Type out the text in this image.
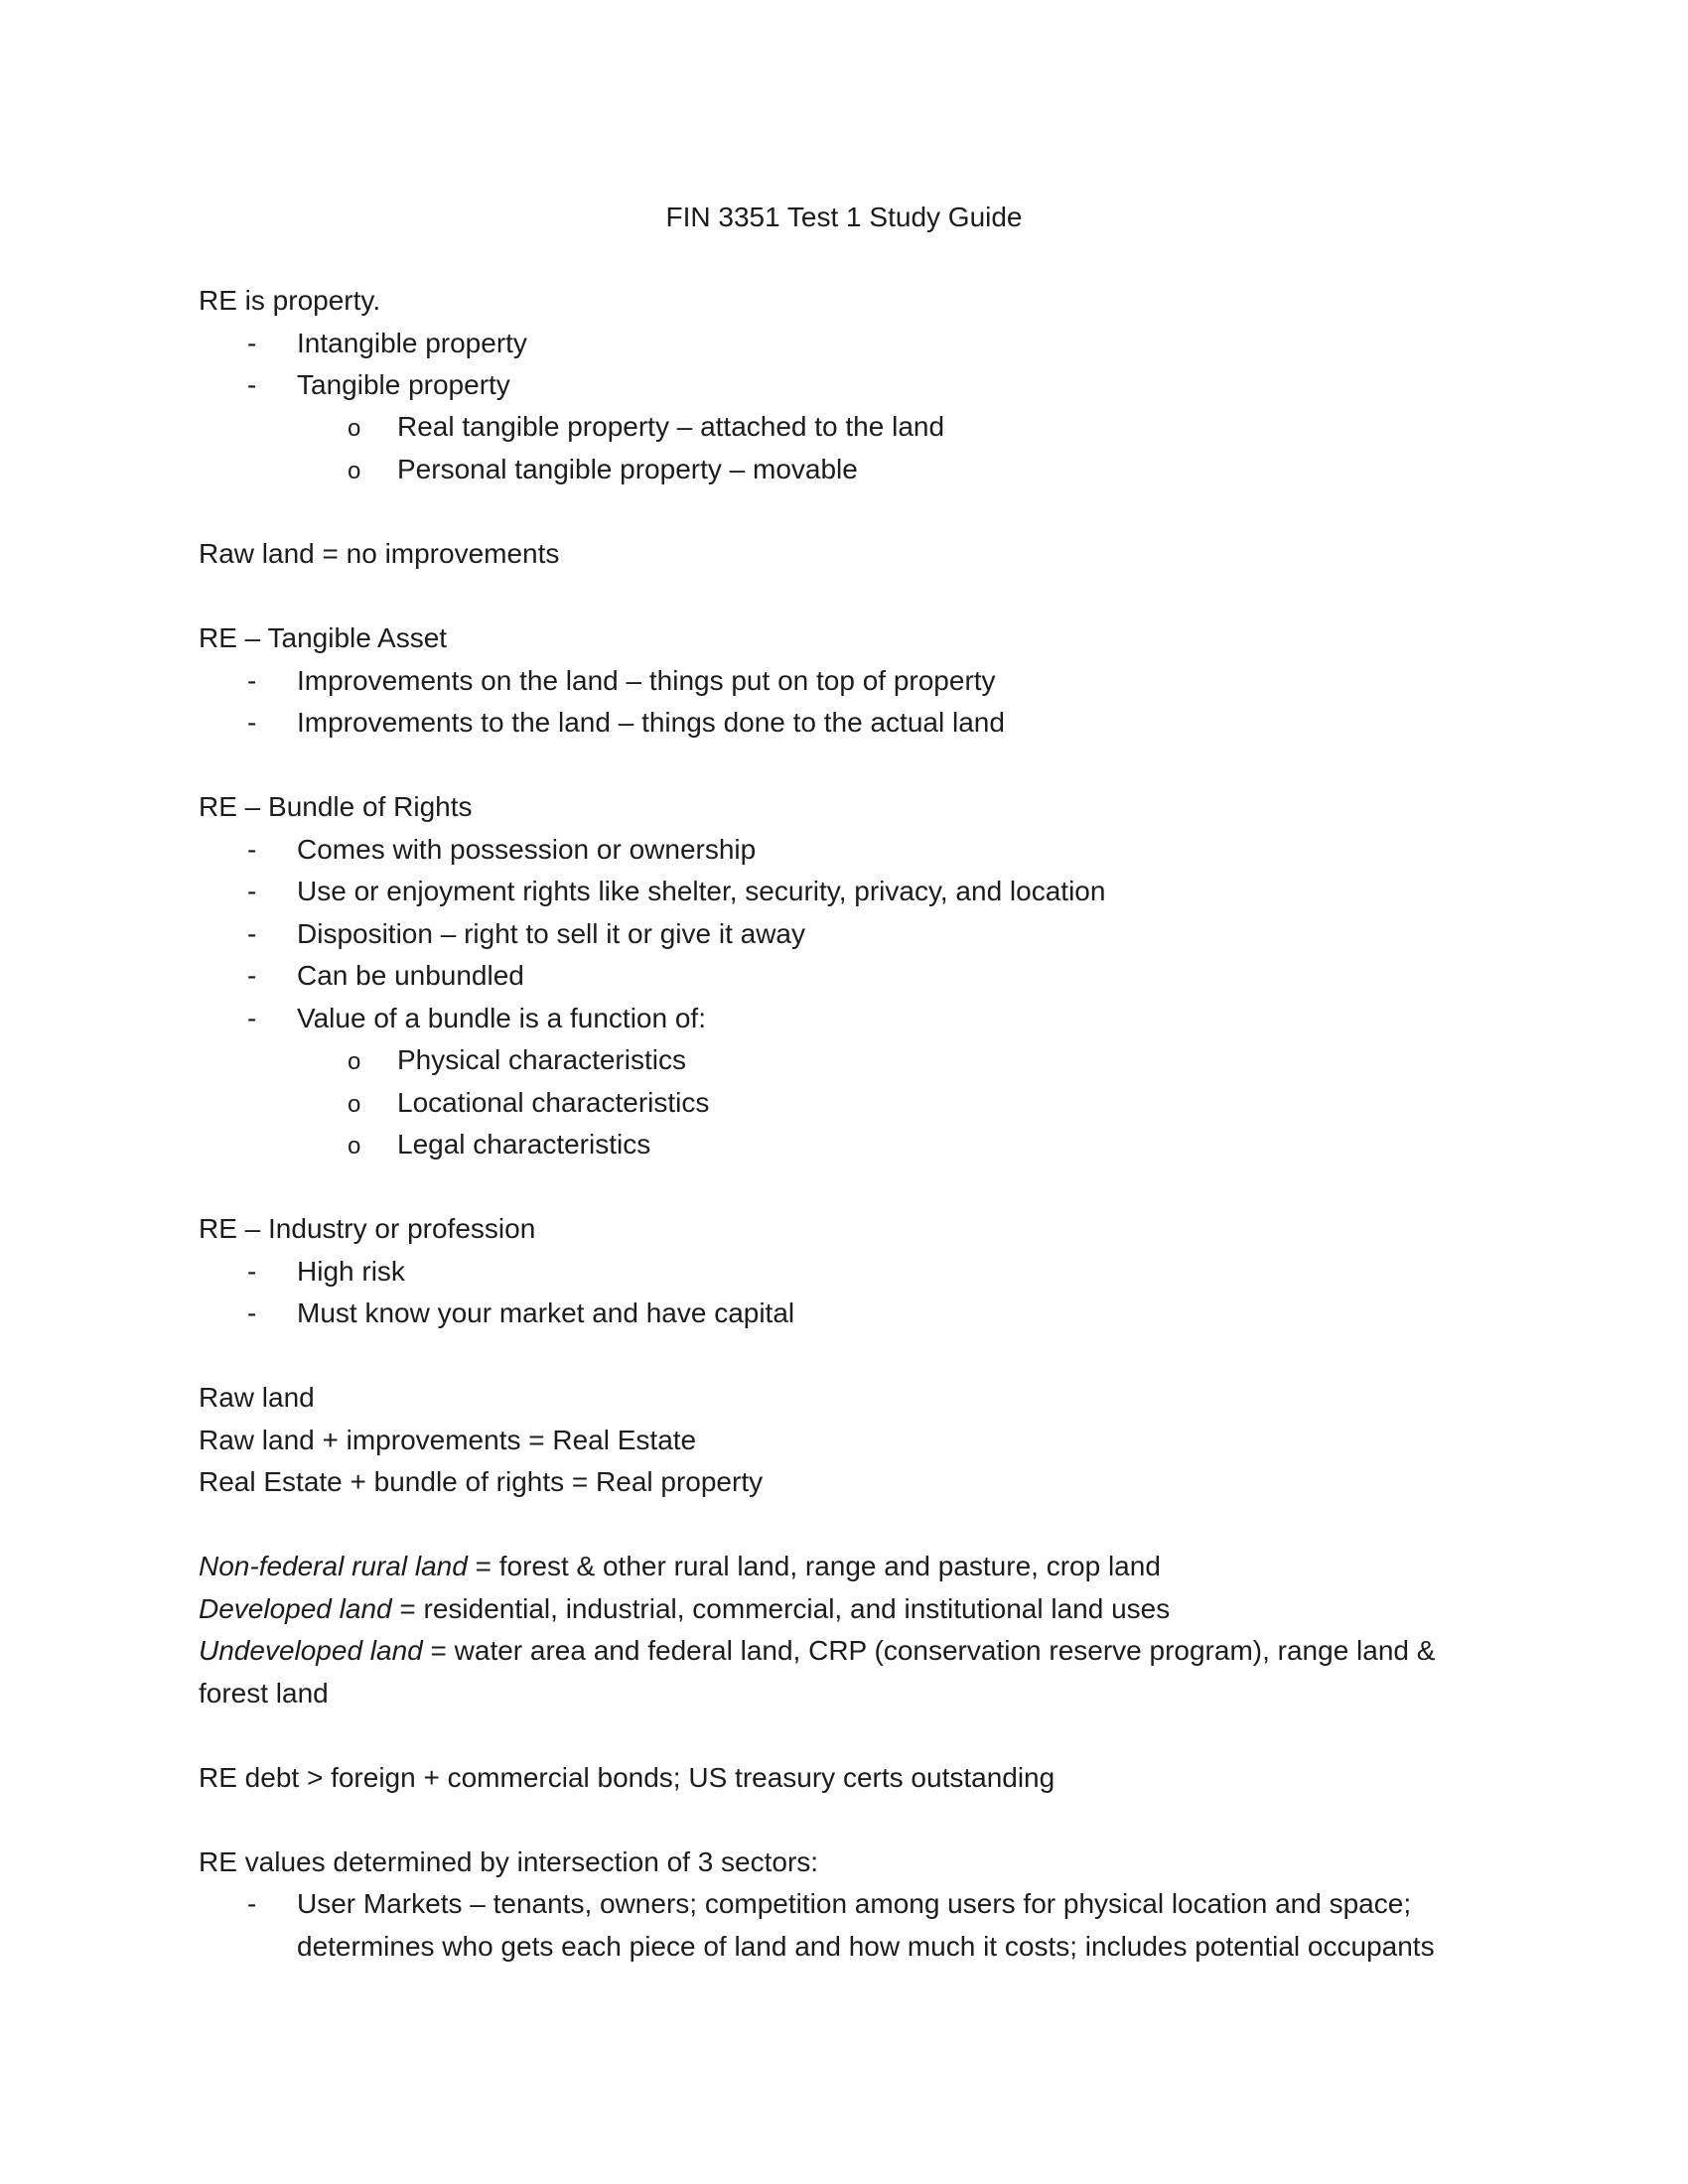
FIN 3351 Test 1 Study Guide
RE is property.
- Intangible property
- Tangible property
o Real tangible property – attached to the land
o Personal tangible property – movable
Raw land = no improvements
RE – Tangible Asset
- Improvements on the land – things put on top of property
- Improvements to the land – things done to the actual land
RE – Bundle of Rights
- Comes with possession or ownership
- Use or enjoyment rights like shelter, security, privacy, and location
- Disposition – right to sell it or give it away
- Can be unbundled
- Value of a bundle is a function of:
o Physical characteristics
o Locational characteristics
o Legal characteristics
RE – Industry or profession
- High risk
- Must know your market and have capital
Raw land
Raw land + improvements = Real Estate
Real Estate + bundle of rights = Real property
Non-federal rural land = forest & other rural land, range and pasture, crop land
Developed land = residential, industrial, commercial, and institutional land uses
Undeveloped land = water area and federal land, CRP (conservation reserve program), range land &
forest land
RE debt > foreign + commercial bonds; US treasury certs outstanding
RE values determined by intersection of 3 sectors:
- User Markets – tenants, owners; competition among users for physical location and space;
determines who gets each piece of land and how much it costs; includes potential occupants
